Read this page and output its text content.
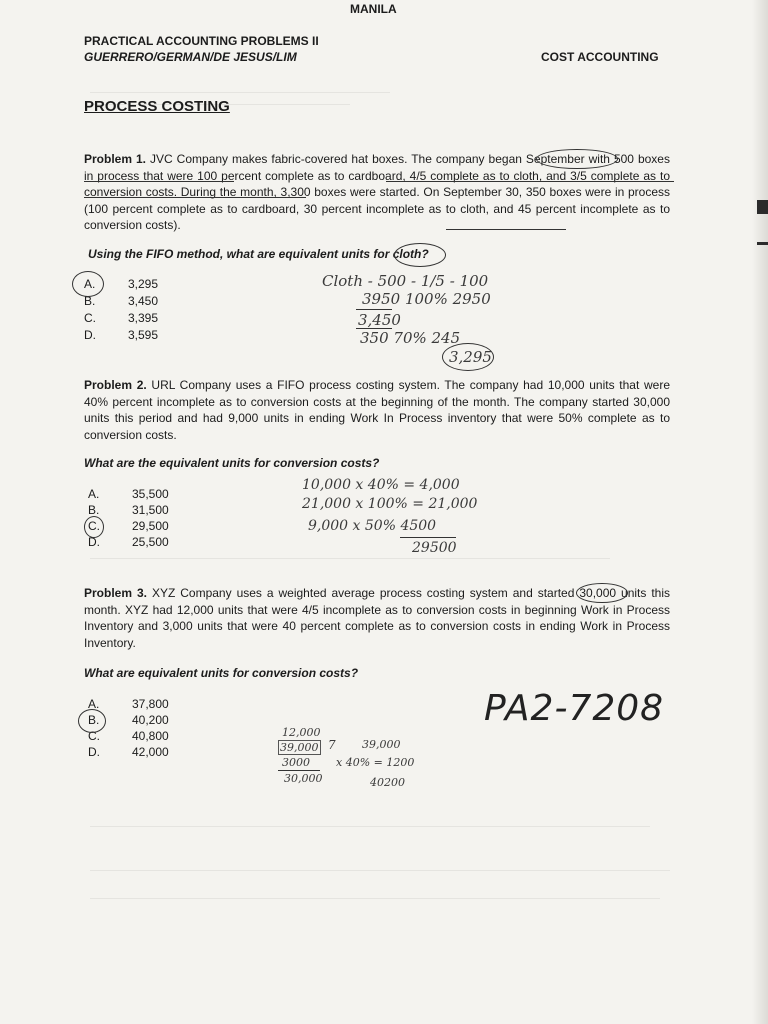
MANILA
PRACTICAL ACCOUNTING PROBLEMS II
GUERRERO/GERMAN/DE JESUS/LIM	COST ACCOUNTING
PROCESS COSTING
Problem 1. JVC Company makes fabric-covered hat boxes. The company began September with 500 boxes in process that were 100 percent complete as to cardboard, 4/5 complete as to cloth, and 3/5 complete as to conversion costs. During the month, 3,300 boxes were started. On September 30, 350 boxes were in process (100 percent complete as to cardboard, 30 percent incomplete as to cloth, and 45 percent incomplete as to conversion costs).
Using the FIFO method, what are equivalent units for cloth?
A.	3,295
B.	3,450
C.	3,395
D.	3,595
Cloth - 500 - 1/5 - 100
3950 100% 2950
3,450
350 70% 245
3,295
Problem 2. URL Company uses a FIFO process costing system. The company had 10,000 units that were 40% percent incomplete as to conversion costs at the beginning of the month. The company started 30,000 units this period and had 9,000 units in ending Work In Process inventory that were 50% complete as to conversion costs.
What are the equivalent units for conversion costs?
A.	35,500
B.	31,500
C.	29,500
D.	25,500
10,000 x 40% = 4,000
21,000 x 100% = 21,000
9,000 x 50% 4500
29500
Problem 3. XYZ Company uses a weighted average process costing system and started 30,000 units this month. XYZ had 12,000 units that were 4/5 incomplete as to conversion costs in beginning Work in Process Inventory and 3,000 units that were 40 percent complete as to conversion costs in ending Work in Process Inventory.
What are equivalent units for conversion costs?
A.	37,800
B.	40,200
C.	40,800
D.	42,000
12,000
39,000
3000
30,000
7 39,000
x 40% = 1200
40200
PA2-7208
